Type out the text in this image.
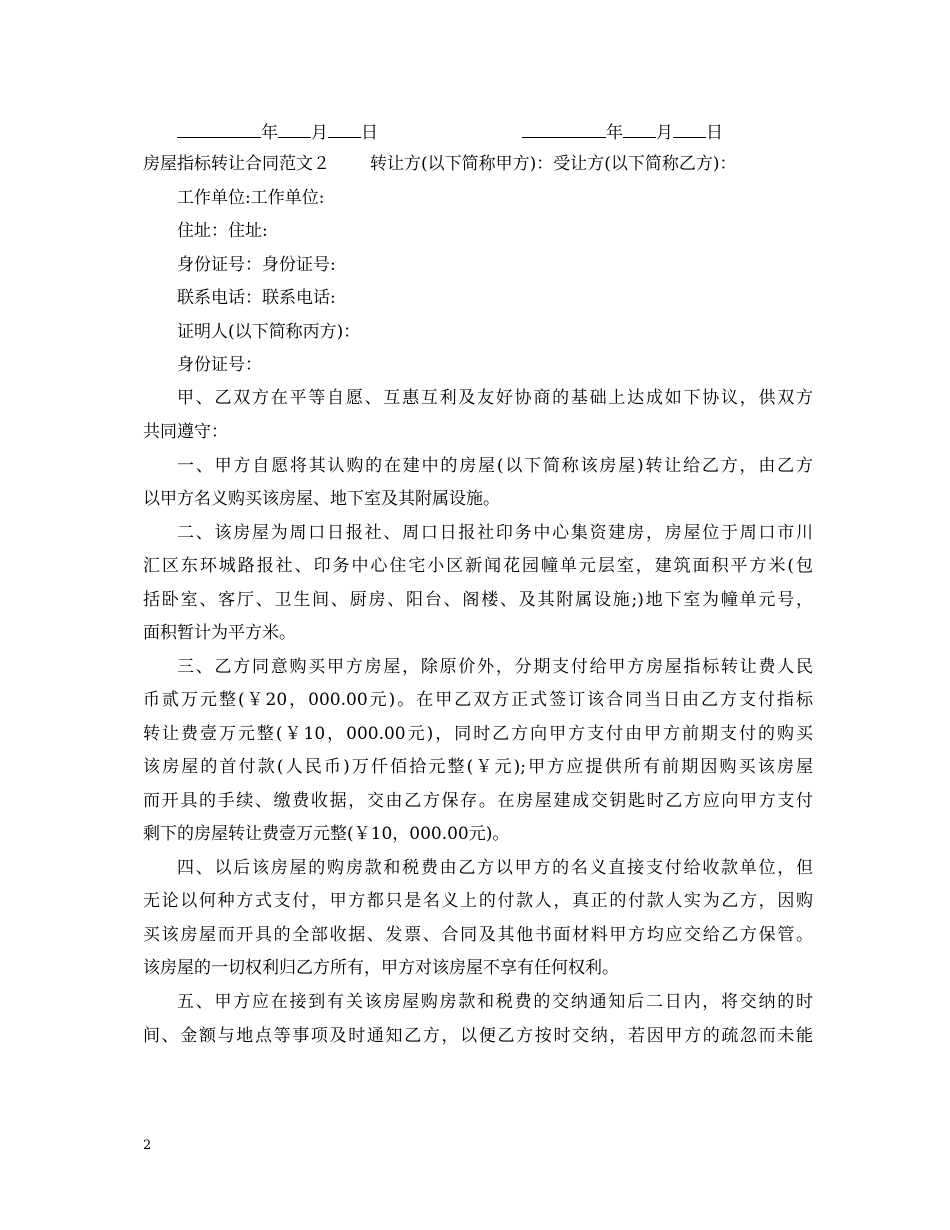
年 月 日	年 月 日
房屋指标转让合同范文２ 转让方(以下简称甲方)：受让方(以下简称乙方)：
工作单位:工作单位:
住址：住址:
身份证号：身份证号:
联系电话：联系电话:
证明人(以下简称丙方)：
身份证号：
甲、乙双方在平等自愿、互惠互利及友好协商的基础上达成如下协议，供双方
共同遵守：
一、甲方自愿将其认购的在建中的房屋(以下简称该房屋)转让给乙方，由乙方
以甲方名义购买该房屋、地下室及其附属设施。
二、该房屋为周口日报社、周口日报社印务中心集资建房，房屋位于周口市川
汇区东环城路报社、印务中心住宅小区新闻花园幢单元层室，建筑面积平方米(包
括卧室、客厅、卫生间、厨房、阳台、阁楼、及其附属设施;)地下室为幢单元号，
面积暂计为平方米。
三、乙方同意购买甲方房屋，除原价外，分期支付给甲方房屋指标转让费人民
币贰万元整(￥20，000.00元)。在甲乙双方正式签订该合同当日由乙方支付指标
转让费壹万元整(￥10，000.00元)，同时乙方向甲方支付由甲方前期支付的购买
该房屋的首付款(人民币)万仟佰拾元整(￥元);甲方应提供所有前期因购买该房屋
而开具的手续、缴费收据，交由乙方保存。在房屋建成交钥匙时乙方应向甲方支付
剩下的房屋转让费壹万元整(￥10，000.00元)。
四、以后该房屋的购房款和税费由乙方以甲方的名义直接支付给收款单位，但
无论以何种方式支付，甲方都只是名义上的付款人，真正的付款人实为乙方，因购
买该房屋而开具的全部收据、发票、合同及其他书面材料甲方均应交给乙方保管。
该房屋的一切权利归乙方所有，甲方对该房屋不享有任何权利。
五、甲方应在接到有关该房屋购房款和税费的交纳通知后二日内，将交纳的时
间、金额与地点等事项及时通知乙方，以便乙方按时交纳，若因甲方的疏忽而未能
2
